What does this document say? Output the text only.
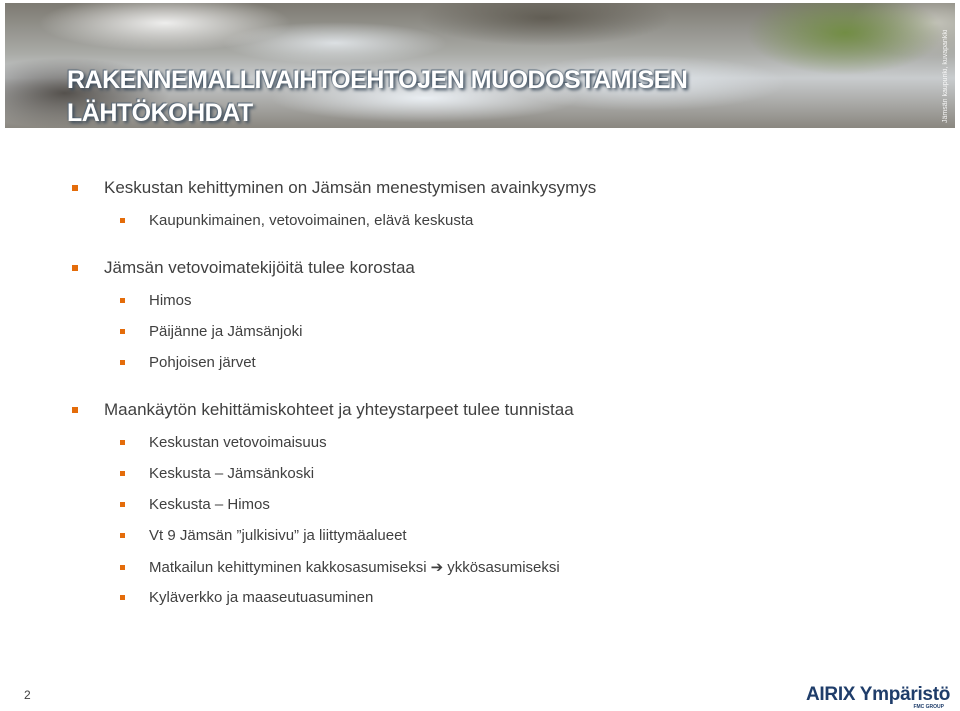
RAKENNEMALLIVAIHTOEHTOJEN MUODOSTAMISEN
LÄHTÖKOHDAT	Jämsän kaupunki, kuvapankki
Keskustan kehittyminen on Jämsän menestymisen avainkysymys
Kaupunkimainen, vetovoimainen, elävä keskusta
Jämsän vetovoimatekijöitä tulee korostaa
Himos
Päijänne ja Jämsänjoki
Pohjoisen järvet
Maankäytön kehittämiskohteet ja yhteystarpeet tulee tunnistaa
Keskustan vetovoimaisuus
Keskusta – Jämsänkoski
Keskusta – Himos
Vt 9 Jämsän ”julkisivu” ja liittymäalueet
Matkailun kehittyminen kakkosasumiseksi ➔ ykkösasumiseksi
Kyläverkko ja maaseutuasuminen
2	AIRIX Ympäristö
FMC GROUP
